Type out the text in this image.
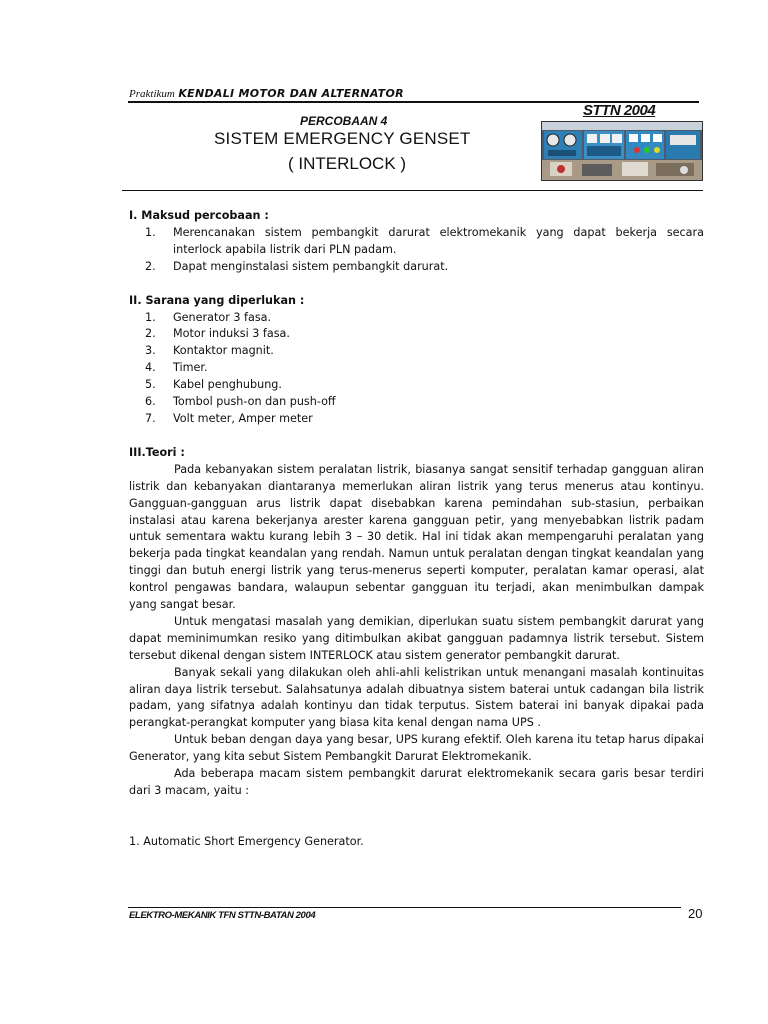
Praktikum KENDALI MOTOR DAN ALTERNATOR
STTN 2004
PERCOBAAN 4
SISTEM EMERGENCY GENSET
( INTERLOCK )

I. Maksud percobaan :

1. Merencanakan sistem pembangkit darurat elektromekanik yang dapat bekerja secara interlock apabila listrik dari PLN padam.
2. Dapat menginstalasi sistem pembangkit darurat.

II. Sarana yang diperlukan :

1. Generator 3 fasa.
2. Motor induksi 3 fasa.
3. Kontaktor magnit.
4. Timer.
5. Kabel penghubung.
6. Tombol push-on dan push-off
7. Volt meter, Amper meter

III.Teori :

Pada kebanyakan sistem peralatan listrik, biasanya sangat sensitif terhadap gangguan aliran listrik dan kebanyakan diantaranya memerlukan aliran listrik yang terus menerus atau kontinyu. Gangguan-gangguan arus listrik dapat disebabkan karena pemindahan sub-stasiun, perbaikan instalasi atau karena bekerjanya arester karena gangguan petir, yang menyebabkan listrik padam untuk sementara waktu kurang lebih 3 – 30 detik. Hal ini tidak akan mempengaruhi peralatan yang bekerja pada tingkat keandalan yang rendah. Namun untuk peralatan dengan tingkat keandalan yang tinggi dan butuh energi listrik yang terus-menerus seperti komputer, peralatan kamar operasi, alat kontrol pengawas bandara, walaupun sebentar gangguan itu terjadi, akan menimbulkan dampak yang sangat besar.

Untuk mengatasi masalah yang demikian, diperlukan suatu sistem pembangkit darurat yang dapat meminimumkan resiko yang ditimbulkan akibat gangguan padamnya listrik tersebut. Sistem tersebut dikenal dengan sistem INTERLOCK atau sistem generator pembangkit darurat.

Banyak sekali yang dilakukan oleh ahli-ahli kelistrikan untuk menangani masalah kontinuitas aliran daya listrik tersebut. Salahsatunya adalah dibuatnya sistem baterai untuk cadangan bila listrik padam, yang sifatnya adalah kontinyu dan tidak terputus. Sistem baterai ini banyak dipakai pada perangkat-perangkat komputer yang biasa kita kenal dengan nama UPS .

Untuk beban dengan daya yang besar, UPS kurang efektif. Oleh karena itu tetap harus dipakai Generator, yang kita sebut Sistem Pembangkit Darurat Elektromekanik.

Ada beberapa macam sistem pembangkit darurat elektromekanik secara garis besar terdiri dari 3 macam, yaitu :

1. Automatic Short Emergency Generator.

ELEKTRO-MEKANIK TFN STTN-BATAN 2004	20
